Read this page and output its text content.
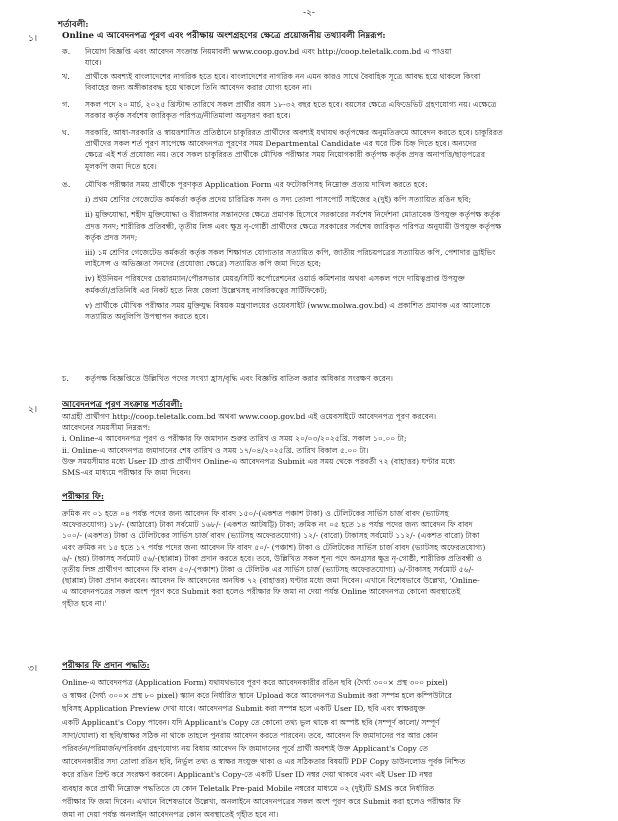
-২-
শর্তাবলী:
১।	Online এ আবেদনপত্র পূরণ এবং পরীক্ষায় অংশগ্রহণের ক্ষেত্রে প্রয়োজনীয় তথ্যাবলী নিম্নরূপ:
ক. নিয়োগ বিজ্ঞপ্তি এবং আবেদন সংক্রান্ত নিয়মাবলী www.coop.gov.bd এবং http://coop.teletalk.com.bd এ পাওয়া
যাবে।
খ. প্রার্থীকে অবশ্যই বাংলাদেশের নাগরিক হতে হবে। বাংলাদেশের নাগরিক নন এমন কারও সাথে বৈবাহিক সূত্রে আবদ্ধ হয়ে থাকলে কিংবা
বিবাহের জন্য অঙ্গীকারবদ্ধ হয়ে থাকলে তিনি আবেদন করার যোগ্য হবেন না।
গ. সকল পদে ২০ মার্চ, ২০২৫ খ্রিস্টাব্দ তারিখে সকল প্রার্থীর বয়স ১৮-৩২ বছর হতে হবে। বয়সের ক্ষেত্রে এফিডেভিট গ্রহণযোগ্য নয়। এক্ষেত্রে
সরকার কর্তৃক সর্বশেষ জারিকৃত পরিপত্র/নীতিমালা অনুসরণ করা হবে।
ঘ. সরকারি, আধা-সরকারি ও স্বায়ত্তশাসিত প্রতিষ্ঠানে চাকুরিরত প্রার্থীদের অবশ্যই যথাযথ কর্তৃপক্ষের অনুমতিক্রমে আবেদন করতে হবে। চাকুরিরত
প্রার্থীদের সকল শর্ত পূরণ সাপেক্ষে আবেদনপত্র পূরণের সময় Departmental Candidate এর ঘরে টিক চিহ্ন দিতে হবে। অন্যদের
ক্ষেত্রে এই শর্ত প্রযোজ্য নয়। তবে সকল চাকুরিরত প্রার্থীকে মৌখিক পরীক্ষার সময় নিয়োগকারী কর্তৃপক্ষ কর্তৃক প্রদত্ত অনাপত্তি/ছাড়পত্রের
মূলকপি জমা দিতে হবে।
ঙ. মৌখিক পরীক্ষার সময় প্রার্থীকে পূরণকৃত Application Form এর ফটোকপিসহ নিম্নোক্ত প্রত্যয় দাখিল করতে হবে:
i) প্রথম শ্রেণির গেজেটেড কর্মকর্তা কর্তৃক প্রদেয় চারিত্রিক সনদ ও সদ্য তোলা পাসপোর্ট সাইজের ২(দুই) কপি সত্যায়িত রঙিন ছবি;
ii) মুক্তিযোদ্ধা, শহীদ মুক্তিযোদ্ধা ও বীরাঙ্গনার সন্তানদের ক্ষেত্রে প্রমাণক হিসেবে সরকারের সর্বশেষ নির্দেশনা মোতাবেক উপযুক্ত কর্তৃপক্ষ কর্তৃক
প্রদত্ত সনদ; শারীরিক প্রতিবন্ধী, তৃতীয় লিঙ্গ এবং ক্ষুদ্র নৃ-গোষ্ঠী প্রার্থীদের ক্ষেত্রে সরকারের সর্বশেষ জারিকৃত পরিপত্র অনুযায়ী উপযুক্ত কর্তৃপক্ষ
কর্তৃক প্রদত্ত সনদ;
iii) ১ম শ্রেণির গেজেটেড কর্মকর্তা কর্তৃক সকল শিক্ষাগত যোগ্যতার সত্যায়িত কপি, জাতীয় পরিচয়পত্রের সত্যায়িত কপি, পেশাদার ড্রাইভিং
লাইসেন্স ও অভিজ্ঞতা সনদের (প্রযোজ্য ক্ষেত্রে) সত্যায়িত কপি জমা দিতে হবে;
iv) ইউনিয়ন পরিষদের চেয়ারম্যান/পৌরসভার মেয়র/সিটি কর্পোরেশনের ওয়ার্ড কমিশনার অথবা এসকল পদে দায়িত্বপ্রাপ্ত উপযুক্ত
কর্মকর্তা/প্রতিনিধি এর নিকট হতে নিজ জেলা উল্লেখসহ নাগরিকত্বের সার্টিফিকেট;
v) প্রার্থীকে মৌখিক পরীক্ষার সময় মুক্তিযুদ্ধ বিষয়ক মন্ত্রণালয়ের ওয়েবসাইট (www.molwa.gov.bd) এ প্রকাশিত প্রমাণক এর আলোকে
সত্যায়িত অনুলিপি উপস্থাপন করতে হবে।
চ. কর্তৃপক্ষ বিজ্ঞপ্তিতে উল্লিখিত পদের সংখ্যা হ্রাস/বৃদ্ধি এবং বিজ্ঞপ্তি বাতিল করার অধিকার সংরক্ষণ করেন।
২।	আবেদনপত্র পূরণ সংক্রান্ত শর্তাবলী:
আগ্রহী প্রার্থীগণ http://coop.teletalk.com.bd অথবা www.coop.gov.bd এই ওয়েবসাইটে আবেদনপত্র পূরণ করবেন।
আবেদনের সময়সীমা নিম্নরূপ:
i. Online-এ আবেদনপত্র পূরণ ও পরীক্ষার ফি জমাদান শুরুর তারিখ ও সময় ২০/০৩/২০২৫খ্রি. সকাল ১০.০০ টা;
ii. Online-এ আবেদনপত্র জমাদানের শেষ তারিখ ও সময় ১৭/০৪/২০২৫খ্রি. তারিখ বিকাল ৫.০০ টা।
উক্ত সময়সীমার মধ্যে User ID প্রাপ্ত প্রার্থীগণ Online-এ আবেদনপত্র Submit এর সময় থেকে পরবর্তী ৭২ (বাহাত্তর) ঘণ্টার মধ্যে
SMS-এর মাধ্যমে পরীক্ষার ফি জমা দিবেন।
পরীক্ষার ফি:
ক্রমিক নং ০১ হতে ০৪ পর্যন্ত পদের জন্য আবেদন ফি বাবদ ১৫০/-(একশত পঞ্চাশ টাকা) ও টেলিটকের সার্ভিস চার্জ বাবদ (ভ্যাটসহ
অফেরতযোগ্য) ১৮/- (আঠারো) টাকা সর্বমোট ১৬৮/- (একশত আটষট্টি) টাকা; ক্রমিক নং ০৫ হতে ১৪ পর্যন্ত পদের জন্য আবেদন ফি বাবদ
১০০/- (একশত) টাকা ও টেলিটকের সার্ভিস চার্জ বাবদ (ভ্যাটসহ অফেরতযোগ্য) ১২/- (বারো) টাকাসহ সর্বমোট ১১২/- (একশত বারো) টাকা
এবং ক্রমিক নং ১৫ হতে ১৭ পর্যন্ত পদের জন্য আবেদন ফি বাবদ ৫০/- (পঞ্চাশ) টাকা ও টেলিটকের সার্ভিস চার্জ বাবদ (ভ্যাটসহ অফেরতযোগ্য)
৬/- (ছয়) টাকাসহ সর্বমোট ৫৬/-(ছাপ্পান্ন) টাকা প্রদান করতে হবে। তবে, উল্লিখিত সকল শূন্য পদে অনগ্রসর ক্ষুদ্র নৃ-গোষ্ঠী, শারীরিক প্রতিবন্ধী ও
তৃতীয় লিঙ্গ প্রার্থীগণ আবেদন ফি বাবদ ৫০/-(পঞ্চাশ) টাকা ও টেলিটক এর সার্ভিস চার্জ (ভ্যাটসহ অফেরতযোগ্য) ৬/-টাকাসহ সর্বমোট ৫৬/-
(ছাপ্পান্ন) টাকা প্রদান করবেন। আবেদন ফি আবেদনের অনধিক ৭২ (বাহাত্তর) ঘণ্টার মধ্যে জমা দিবেন। এখানে বিশেষভাবে উল্লেখ্য, 'Online-
এ আবেদনপত্রের সকল অংশ পূরণ করে Submit করা হলেও পরীক্ষার ফি জমা না দেয়া পর্যন্ত Online আবেদনপত্র কোনো অবস্থাতেই
গৃহীত হবে না।'
৩।	পরীক্ষার ফি প্রদান পদ্ধতি:
Online-এ আবেদনপত্র (Application Form) যথাযথভাবে পূরণ করে আবেদনকারীর রঙিন ছবি (দৈর্ঘ্য ৩০০× প্রস্থ ৩০০ pixel)
ও স্বাক্ষর (দৈর্ঘ্য ৩০০× প্রস্থ ৮০ pixel) স্ক্যান করে নির্ধারিত স্থানে Upload করে আবেদনপত্র Submit করা সম্পন্ন হলে কম্পিউটারে
ছবিসহ Application Preview দেখা যাবে। আবেদনপত্র Submit করা সম্পন্ন হলে একটি User ID, ছবি এবং স্বাক্ষরযুক্ত
একটি Applicant's Copy পাবেন। যদি Applicant's Copy তে কোনো তথ্য ভুল থাকে বা অস্পষ্ট ছবি (সম্পূর্ণ কালো/ সম্পূর্ণ
সাদা/ঘোলা) বা ছবি/স্বাক্ষর সঠিক না থাকে তাহলে পুনরায় আবেদন করতে পারবেন। তবে, আবেদন ফি জমাদানের পর আর কোন
পরিবর্তন/পরিমার্জন/পরিবর্ধন গ্রহণযোগ্য নয় বিধায় আবেদন ফি জমাদানের পূর্বে প্রার্থী অবশ্যই উক্ত Applicant's Copy তে
আবেদনকারীর সদ্য তোলা রঙিন ছবি, নির্ভুল তথ্য ও স্বাক্ষর সংযুক্ত থাকা ও এর সঠিকতার বিষয়টি PDF Copy ডাউনলোড পূর্বক নিশ্চিত
করে রঙিন প্রিন্ট করে সংরক্ষণ করবেন। Applicant's Copy-তে একটি User ID নম্বর দেয়া থাকবে এবং এই User ID নম্বর
ব্যবহার করে প্রার্থী নিম্নোক্ত পদ্ধতিতে যে কোন Teletalk Pre-paid Mobile নম্বরের মাধ্যমে ০২ (দুই)টি SMS করে নির্ধারিত
পরীক্ষার ফি জমা দিবেন। এখানে বিশেষভাবে উল্লেখ্য, অনলাইনে আবেদনপত্রের সকল অংশ পূরণ করে Submit করা হলেও পরীক্ষার ফি
জমা না দেয়া পর্যন্ত অনলাইন আবেদনপত্র কোন অবস্থাতেই গৃহীত হবে না।
